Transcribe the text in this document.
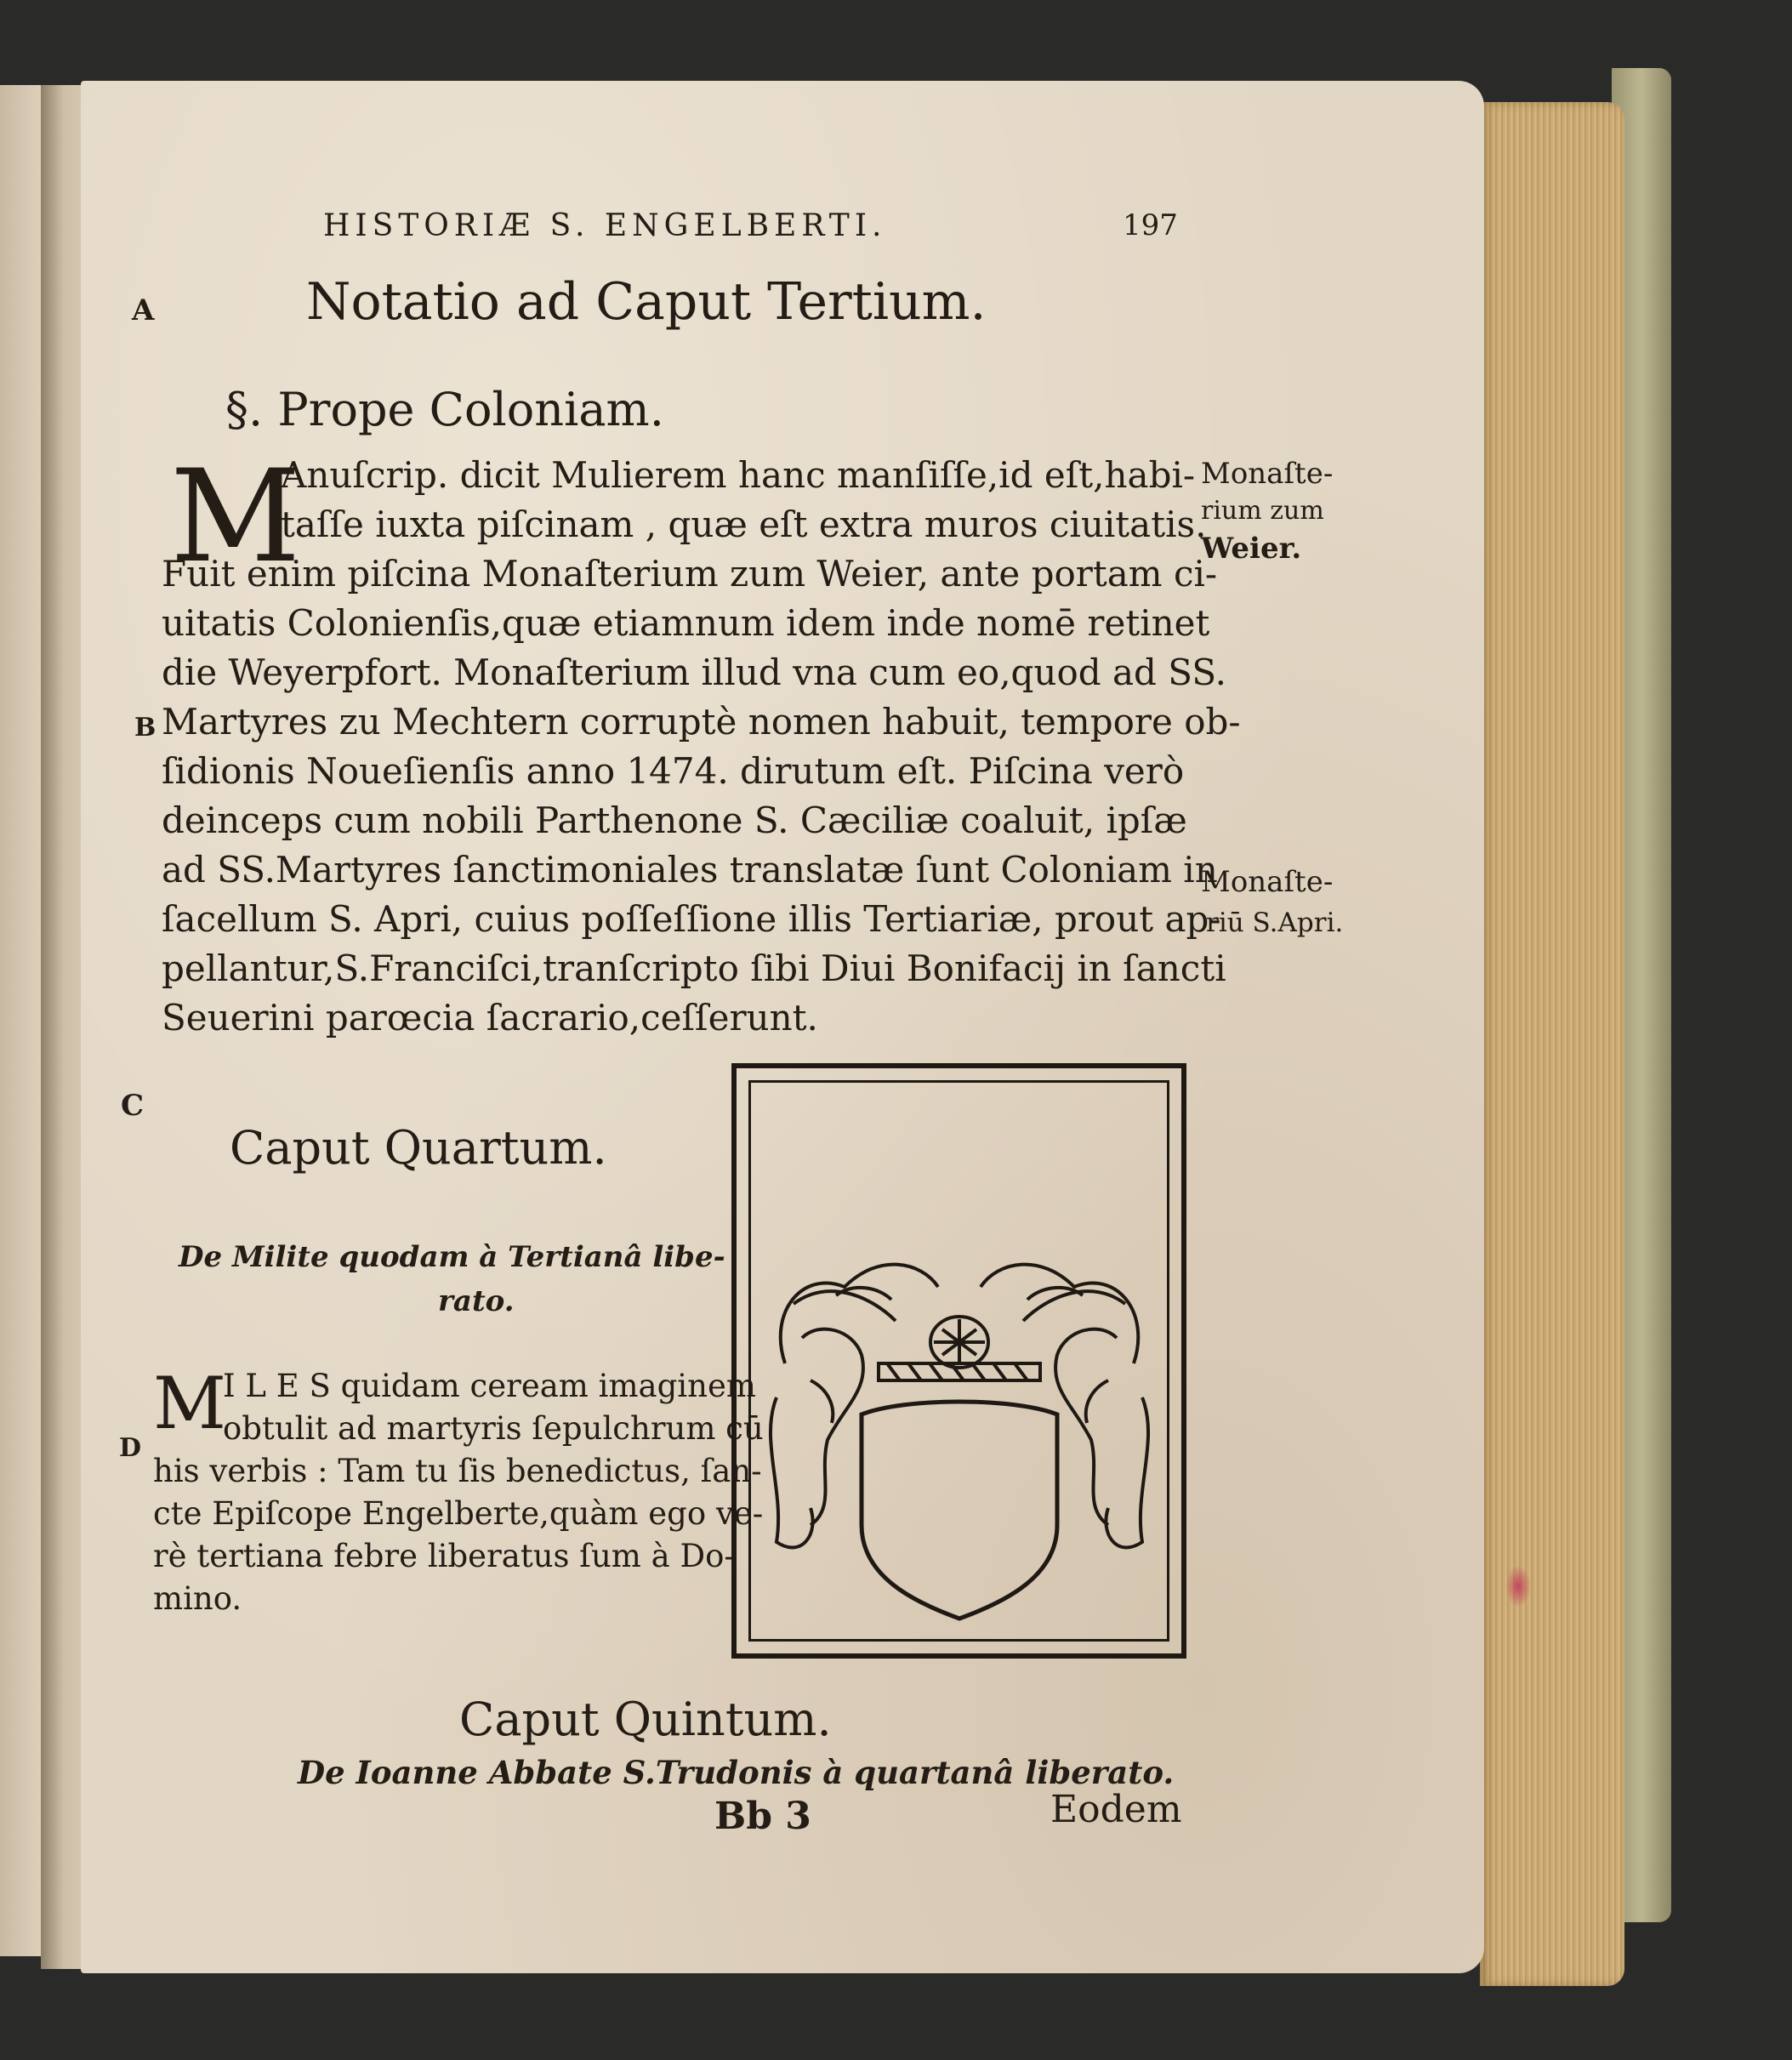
HISTORIÆ S. ENGELBERTI.	197
A
B
C
D
Notatio ad Caput Tertium.
§. Prope Coloniam.
M
Anuſcrip. dicit Mulierem hanc manſiſſe,id eſt,habi-
taſſe iuxta piſcinam , quæ eſt extra muros ciuitatis.
Fuit enim piſcina Monaſterium zum Weier, ante portam ci-
uitatis Colonienſis,quæ etiamnum idem inde nomē retinet
die Weyerpfort. Monaſterium illud vna cum eo,quod ad SS.
Martyres zu Mechtern corruptè nomen habuit, tempore ob-
ſidionis Noueſienſis anno 1474. dirutum eſt. Piſcina verò
deinceps cum nobili Parthenone S. Cæciliæ coaluit, ipſæ
ad SS.Martyres ſanctimoniales translatæ ſunt Coloniam in
ſacellum S. Apri, cuius poſſeſſione illis Tertiariæ, prout ap-
pellantur,S.Franciſci,tranſcripto ſibi Diui Bonifacij in ſancti
Seuerini parœcia ſacrario,ceſſerunt.
Monaſte-
rium zum
Weier.
Monaſte-
riū S.Apri.
Caput Quartum.
De Milite quodam à Tertianâ libe-
rato.
M
I L E S quidam ceream imaginem
obtulit ad martyris ſepulchrum cū
his verbis : Tam tu ſis benedictus, ſan-
cte Epiſcope Engelberte,quàm ego ve-
rè tertiana febre liberatus ſum à Do-
mino.
Caput Quintum.
De Ioanne Abbate S.Trudonis à quartanâ liberato.
Bb 3	Eodem
